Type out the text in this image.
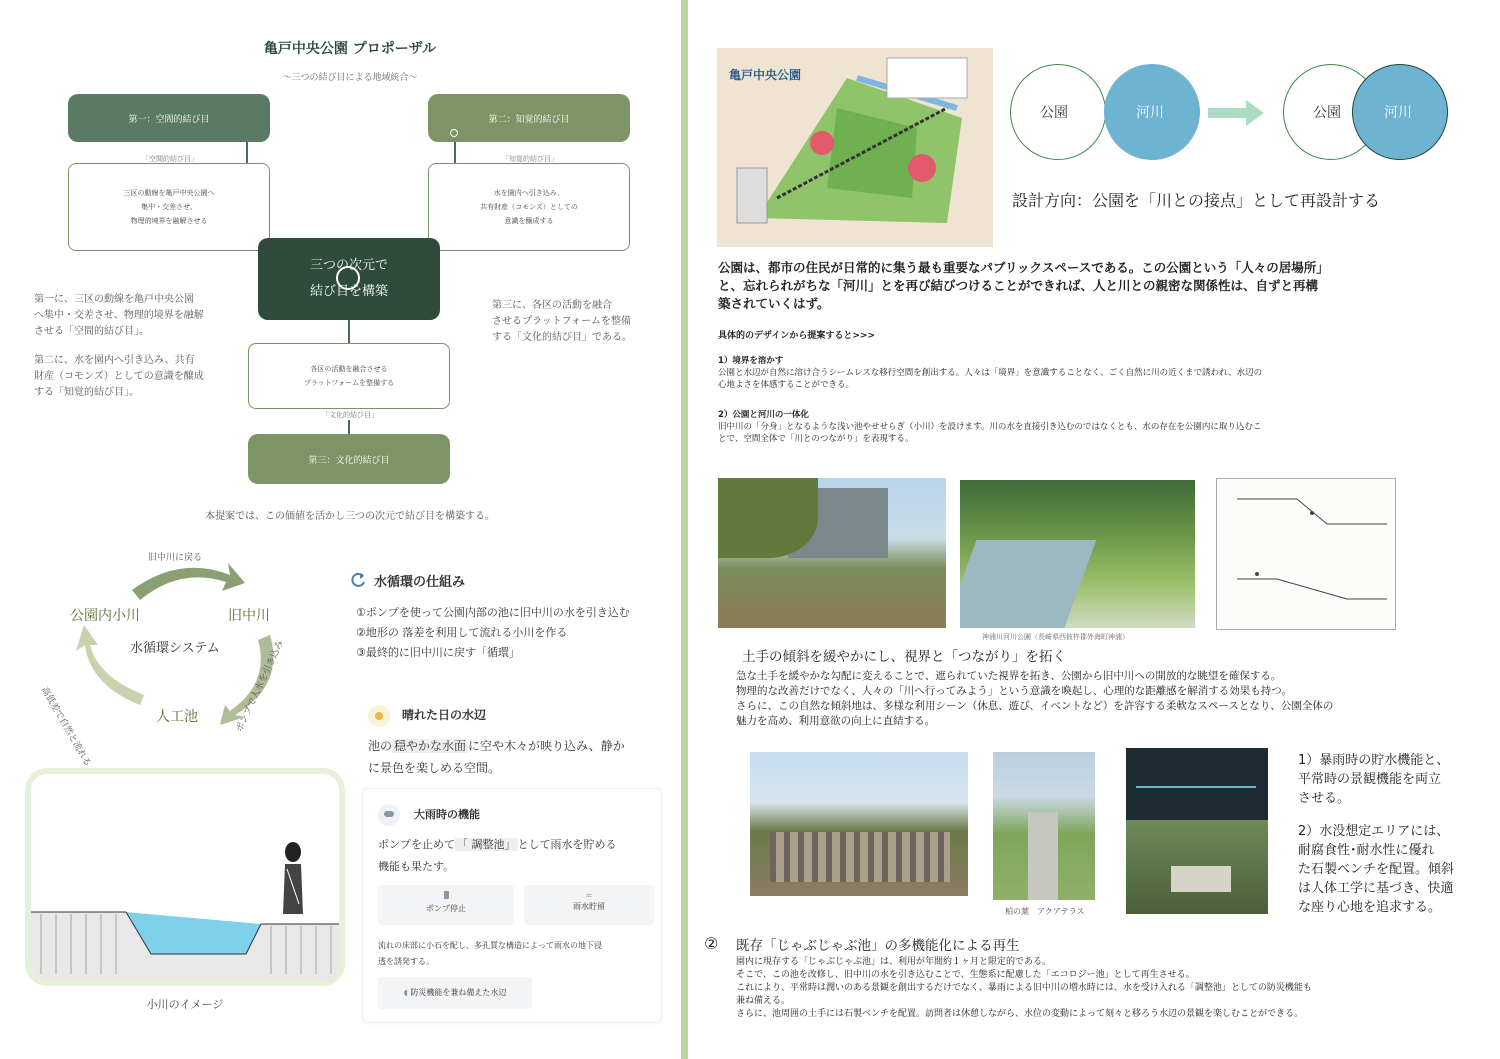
亀戸中央公園 プロポーザル
～三つの結び目による地域統合～
第一：空間的結び目
「空間的結び目」
三区の動線を亀戸中央公園へ
集中・交差させ、
物理的境界を融解させる
第二：知覚的結び目
「知覚的結び目」
水を園内へ引き込み、
共有財産（コモンズ）としての
意識を醸成する
三つの次元で
結び目を構築
各区の活動を融合させる
プラットフォームを整備する
「文化的結び目」
第三：文化的結び目
第一に、三区の動線を亀戸中央公園
へ集中・交差させ、物理的境界を融解
させる「空間的結び目」。
第二に、水を園内へ引き込み、共有
財産（コモンズ）としての意識を醸成
する「知覚的結び目」。
第三に、各区の活動を融合
させるプラットフォームを整備
する「文化的結び目」である。
本提案では、この価値を活かし三つの次元で結び目を構築する。
旧中川に戻る
公園内小川	旧中川
水循環システム
人工池
高低差で自然と流れる	ポンプで人水を引き込み
水循環の仕組み
①ポンプを使って公園内部の池に旧中川の水を引き込む
②地形の 落差を利用して流れる小川を作る
③最終的に旧中川に戻す「循環」
晴れた日の水辺
池の 穏やかな水面 に空や木々が映り込み、静か
に景色を楽しめる空間。
大雨時の機能
ポンプを止めて 「 調整池」 として雨水を貯める
機能も果たす。
ポンプ停止
≈
雨水貯留
流れの床部に小石を配し、多孔質な構造によって雨水の地下浸
透を誘発する。
◖ 防災機能を兼ね備えた水辺
小川のイメージ
亀戸中央公園
公園	河川	公園	河川
設計方向：公園を「川との接点」として再設計する
公園は、都市の住民が日常的に集う最も重要なパブリックスペースである。この公園という「人々の居場所」
と、忘れられがちな「河川」とを再び結びつけることができれば、人と川との親密な関係性は、自ずと再構
築されていくはず。
具体的のデザインから提案すると>>>
1）境界を溶かす
公園と水辺が自然に溶け合うシームレスな移行空間を創出する。人々は「境界」を意識することなく、ごく自然に川の近くまで誘われ、水辺の
心地よさを体感することができる。
2）公園と河川の一体化
旧中川の「分身」となるような浅い池やせせらぎ（小川）を設けます。川の水を直接引き込むのではなくとも、水の存在を公園内に取り込むこ
とで、空間全体で「川とのつながり」を表現する。
神浦川河川公園（長崎県西彼杵郡外海町神浦）
土手の傾斜を緩やかにし、視界と「つながり」を拓く
急な土手を緩やかな勾配に変えることで、遮られていた視界を拓き、公園から旧中川への開放的な眺望を確保する。
物理的な改善だけでなく、人々の「川へ行ってみよう」という意識を喚起し、心理的な距離感を解消する効果も持つ。
さらに、この自然な傾斜地は、多様な利用シーン（休息、遊び、イベントなど）を許容する柔軟なスペースとなり、公園全体の
魅力を高め、利用意欲の向上に直結する。
柏の葉　アクアテラス
1）暴雨時の貯水機能と、
平常時の景観機能を両立
させる。
2）水没想定エリアには、
耐腐食性･耐水性に優れ
た石製ベンチを配置。傾斜
は人体工学に基づき、快適
な座り心地を追求する。
② 既存「じゃぶじゃぶ池」の多機能化による再生
園内に現存する「じゃぶじゃぶ池」は、利用が年間約１ヶ月と限定的である。
そこで、この池を改修し、旧中川の水を引き込むことで、生態系に配慮した「エコロジー池」として再生させる。
これにより、平常時は潤いのある景観を創出するだけでなく、暴雨による旧中川の増水時には、水を受け入れる「調整池」としての防災機能も
兼ね備える。
さらに、池周囲の土手には石製ベンチを配置。訪問者は休憩しながら、水位の変動によって刻々と移ろう水辺の景観を楽しむことができる。
